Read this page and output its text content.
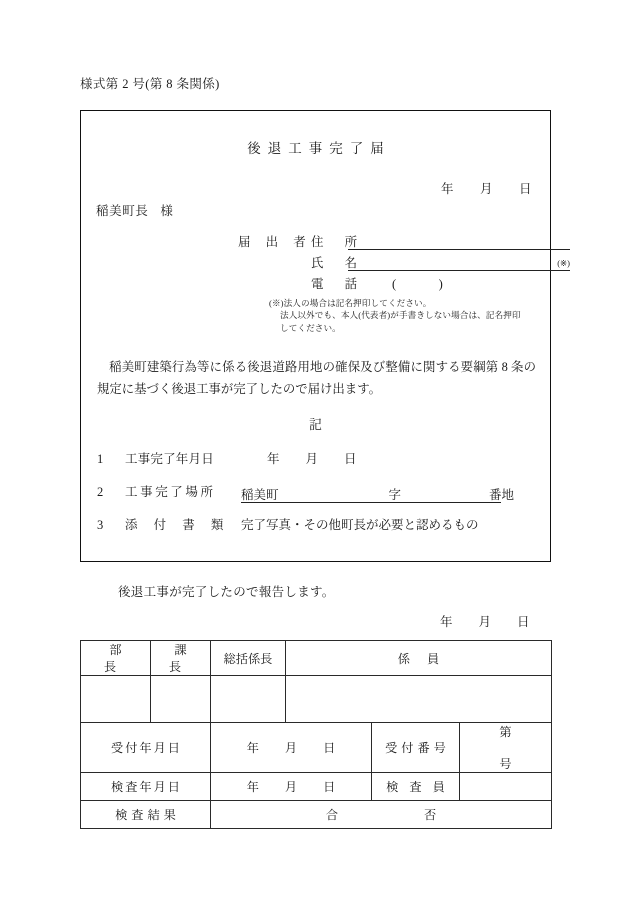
様式第 2 号(第 8 条関係)
後退工事完了届
年 月 日
稲美町長 様
届 出 者 住 所
氏 名	(※)
電 話	(	)
(※)法人の場合は記名押印してください。
法人以外でも、本人(代表者)が手書きしない場合は、記名押印
してください。
稲美町建築行為等に係る後退道路用地の確保及び整備に関する要綱第 8 条の規定に基づく後退工事が完了したので届け出ます。
記
1 工事完了年月日	年 月 日
2 工事完了場所 稲美町	字	番地
3 添 付 書 類 完了写真・その他町長が必要と認めるもの
後退工事が完了したので報告します。
年 月 日
部 長	課 長	総括係長	係 員		

受付年月日		年 月 日		受付番号	第号
検査年月日		年 月 日		検 査 員	
検査結果		合 否			
